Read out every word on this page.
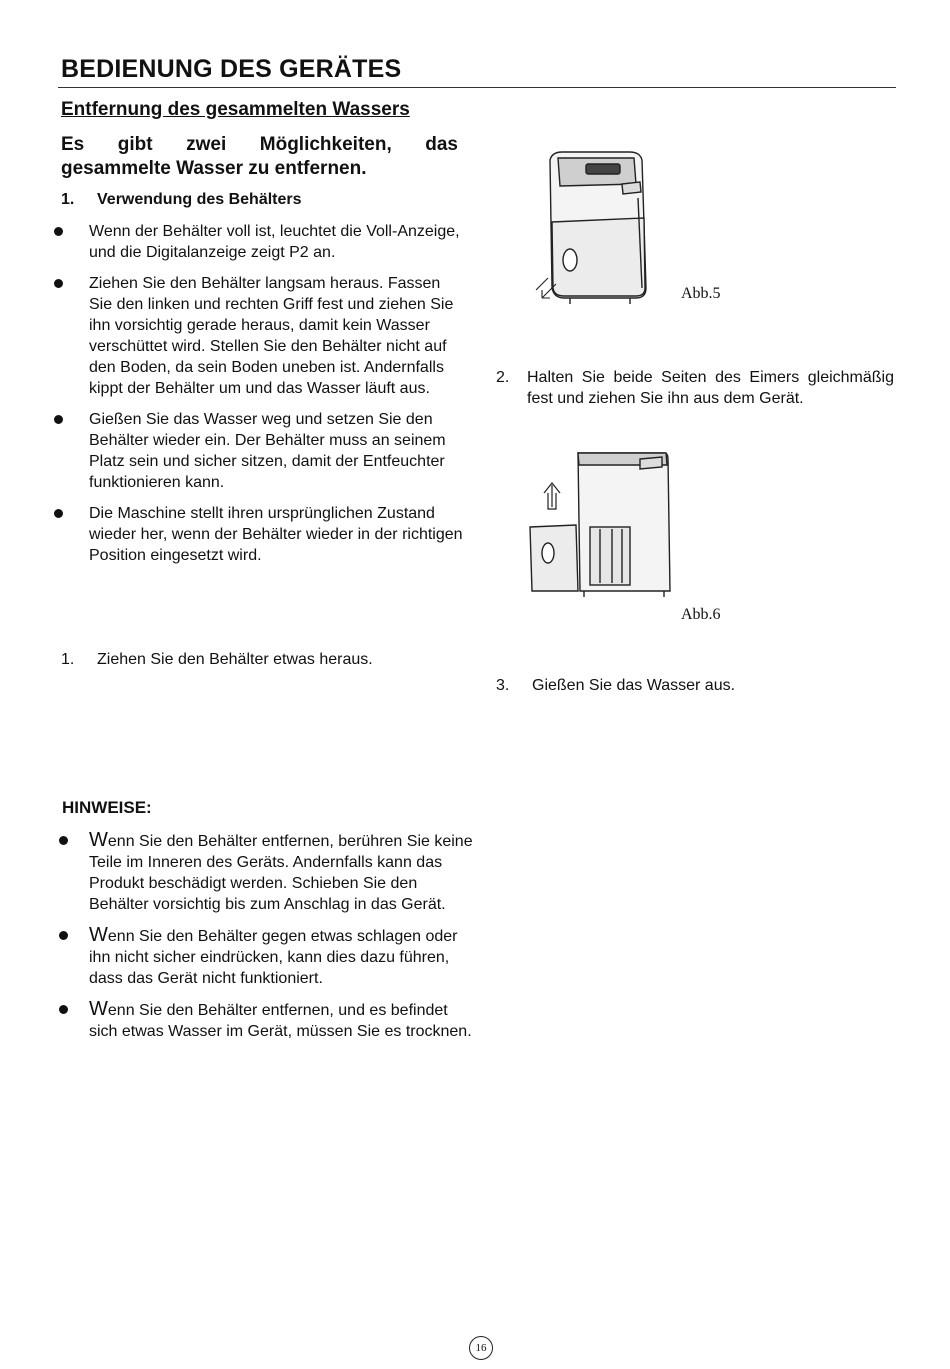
BEDIENUNG DES GERÄTES
Entfernung des gesammelten Wassers

Es gibt zwei Möglichkeiten, das gesammelte Wasser zu entfernen.

1. Verwendung des Behälters

Wenn der Behälter voll ist, leuchtet die Voll-Anzeige, und die Digitalanzeige zeigt P2 an.
Ziehen Sie den Behälter langsam heraus. Fassen Sie den linken und rechten Griff fest und ziehen Sie ihn vorsichtig gerade heraus, damit kein Wasser verschüttet wird. Stellen Sie den Behälter nicht auf den Boden, da sein Boden uneben ist. Andernfalls kippt der Behälter um und das Wasser läuft aus.
Gießen Sie das Wasser weg und setzen Sie den Behälter wieder ein. Der Behälter muss an seinem Platz sein und sicher sitzen, damit der Entfeuchter funktionieren kann.
Die Maschine stellt ihren ursprünglichen Zustand wieder her, wenn der Behälter wieder in der richtigen Position eingesetzt wird.

1. Ziehen Sie den Behälter etwas heraus.

Abb.5

2.	Halten Sie beide Seiten des Eimers gleichmäßig fest und ziehen Sie ihn aus dem Gerät.

Abb.6

3. Gießen Sie das Wasser aus.

HINWEISE:
Wenn Sie den Behälter entfernen, berühren Sie keine Teile im Inneren des Geräts. Andernfalls kann das Produkt beschädigt werden. Schieben Sie den Behälter vorsichtig bis zum Anschlag in das Gerät.
Wenn Sie den Behälter gegen etwas schlagen oder ihn nicht sicher eindrücken, kann dies dazu führen, dass das Gerät nicht funktioniert.
Wenn Sie den Behälter entfernen, und es befindet sich etwas Wasser im Gerät, müssen Sie es trocknen.
16
